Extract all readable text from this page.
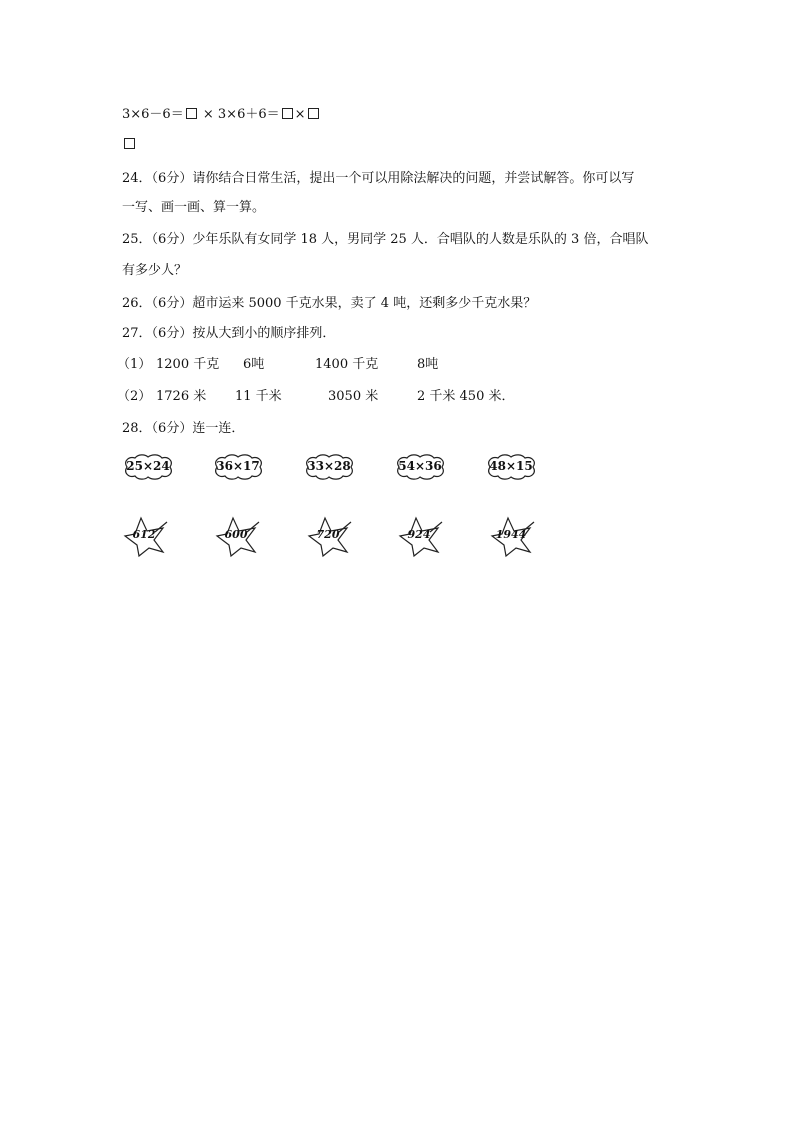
3×6－6＝ × 3×6＋6＝ ×
24．（6分）请你结合日常生活，提出一个可以用除法解决的问题，并尝试解答。你可以写
一写、画一画、算一算。
25．（6分）少年乐队有女同学 18 人，男同学 25 人．合唱队的人数是乐队的 3 倍，合唱队
有多少人？
26．（6分）超市运来 5000 千克水果，卖了 4 吨，还剩多少千克水果？
27．（6分）按从大到小的顺序排列．
（1） 1200 千克 6吨	1400 千克	8吨
（2） 1726 米 11 千米	3050 米	2 千米 450 米．
28．（6分）连一连．
25×24	36×17	33×28	54×36	48×15
612	600	720	924	1944
